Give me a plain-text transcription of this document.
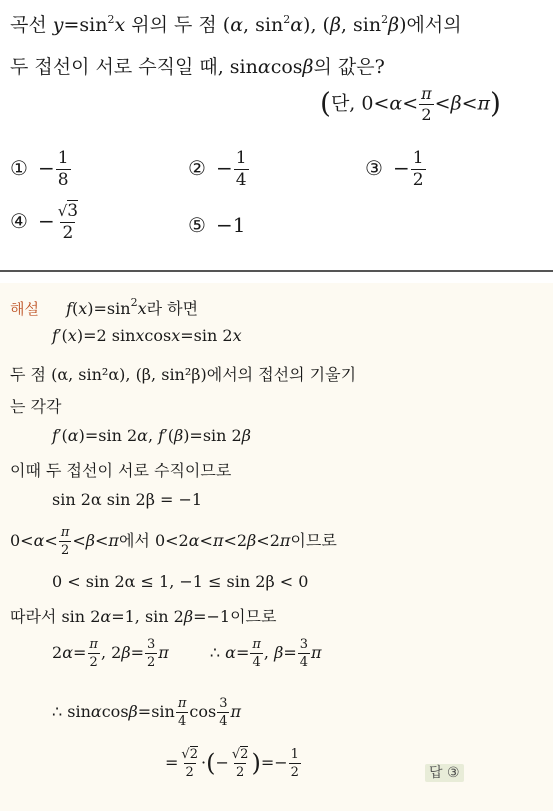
곡선 $y=\sin^2x$ 위의 두 점 (α, $\sin^2\alpha$), (β, $\sin^2\beta$)에서의
두 접선이 서로 수직일 때, sinαcosβ의 값은?
(단, $0<\alpha< \frac{\pi}{2} <\beta<\pi$)
① − $\frac{1}{8}$	② − $\frac{1}{4}$	③ − $\frac{1}{2}$
④ − $\frac{√3}{2}$	⑤ −1
해설 $f(x)=\sin^2x$라 하면
f′(x)=2 sinxcosx=sin 2x
두 점 (α, sin²α), (β, sin²β)에서의 접선의 기울기
는 각각
f′(α)=sin 2α, f′(β)=sin 2β
이때 두 접선이 서로 수직이므로
sin 2α sin 2β = −1
$0<\alpha< \frac{\pi}{2} <\beta<\pi$에서 0<2α<π<2β<2π이므로
0 < sin 2α ≤ 1, −1 ≤ sin 2β < 0
따라서 sin 2α=1, sin 2β=−1이므로
$2\alpha= \frac{\pi}{2}$ , $2\beta= \frac{3}{2}$ π	∴ $\alpha= \frac{\pi}{4}$ , $\beta= \frac{3}{4}$ π
∴ $\sin\alpha\cos\beta=\sin \frac{\pi}{4}$ $\cos \frac{3}{4}$ π
= $\frac{√2}{2}$ ·(− $\frac{√2}{2}$ )=− $\frac{1}{2}$	답 ③
